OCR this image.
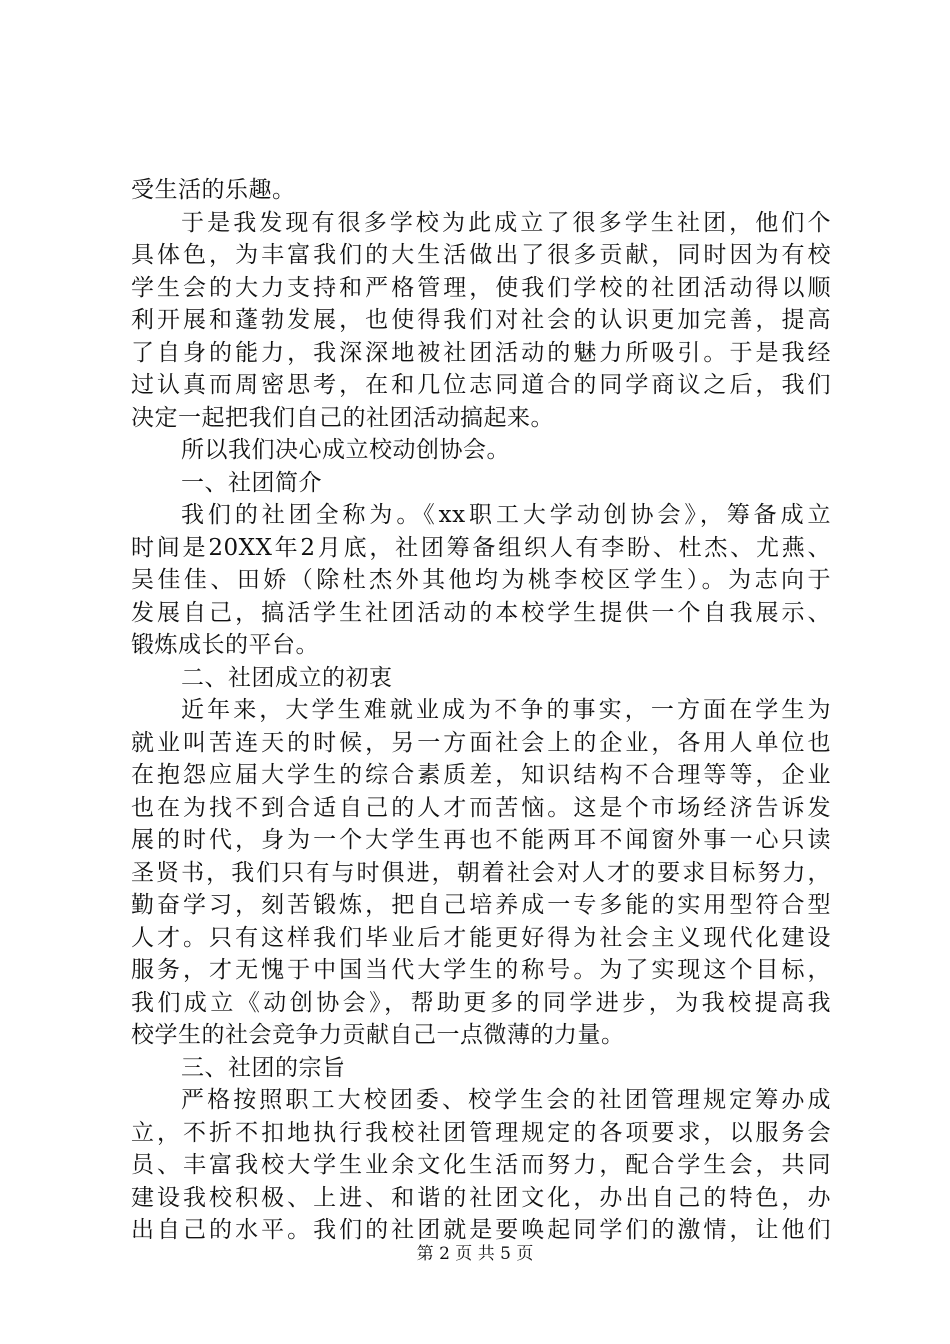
受生活的乐趣。
于是我发现有很多学校为此成立了很多学生社团，他们个
具体色，为丰富我们的大生活做出了很多贡献，同时因为有校
学生会的大力支持和严格管理，使我们学校的社团活动得以顺
利开展和蓬勃发展，也使得我们对社会的认识更加完善，提高
了自身的能力，我深深地被社团活动的魅力所吸引。于是我经
过认真而周密思考，在和几位志同道合的同学商议之后，我们
决定一起把我们自己的社团活动搞起来。
所以我们决心成立校动创协会。
一、社团简介
我们的社团全称为。《xx职工大学动创协会》，筹备成立
时间是20XX年2月底，社团筹备组织人有李盼、杜杰、尤燕、
吴佳佳、田娇（除杜杰外其他均为桃李校区学生）。为志向于
发展自己，搞活学生社团活动的本校学生提供一个自我展示、
锻炼成长的平台。
二、社团成立的初衷
近年来，大学生难就业成为不争的事实，一方面在学生为
就业叫苦连天的时候，另一方面社会上的企业，各用人单位也
在抱怨应届大学生的综合素质差，知识结构不合理等等，企业
也在为找不到合适自己的人才而苦恼。这是个市场经济告诉发
展的时代，身为一个大学生再也不能两耳不闻窗外事一心只读
圣贤书，我们只有与时俱进，朝着社会对人才的要求目标努力，
勤奋学习，刻苦锻炼，把自己培养成一专多能的实用型符合型
人才。只有这样我们毕业后才能更好得为社会主义现代化建设
服务，才无愧于中国当代大学生的称号。为了实现这个目标，
我们成立《动创协会》，帮助更多的同学进步，为我校提高我
校学生的社会竞争力贡献自己一点微薄的力量。
三、社团的宗旨
严格按照职工大校团委、校学生会的社团管理规定筹办成
立，不折不扣地执行我校社团管理规定的各项要求，以服务会
员、丰富我校大学生业余文化生活而努力，配合学生会，共同
建设我校积极、上进、和谐的社团文化，办出自己的特色，办
出自己的水平。我们的社团就是要唤起同学们的激情，让他们
第 2 页 共 5 页
